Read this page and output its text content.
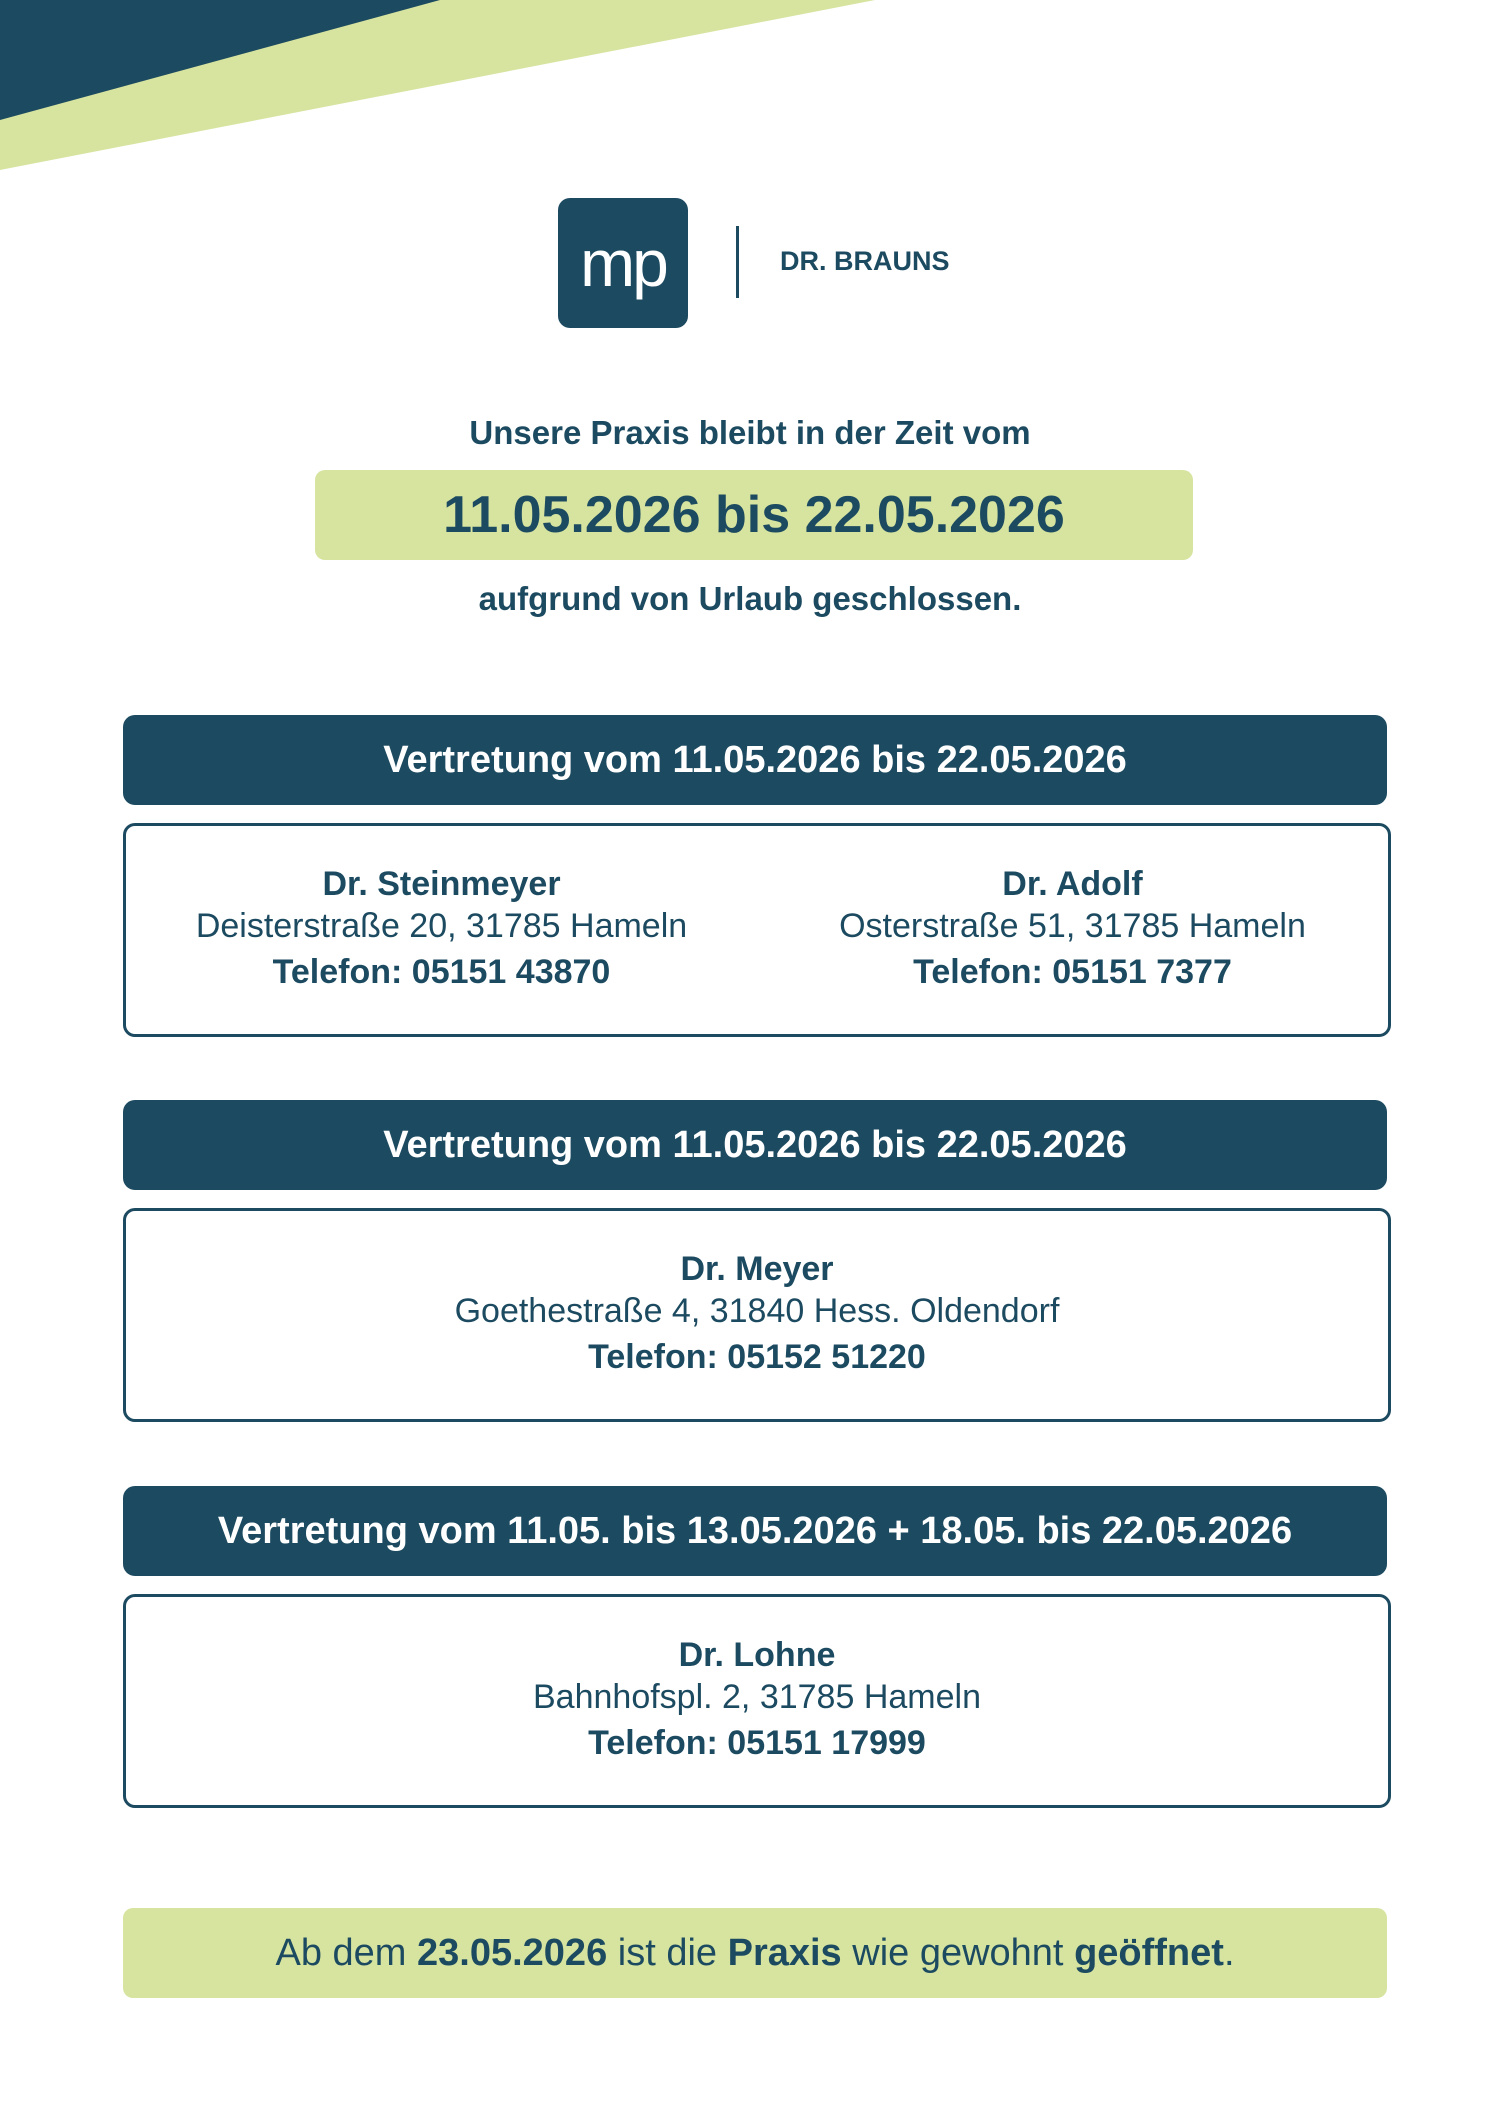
mp	DR. BRAUNS
Unsere Praxis bleibt in der Zeit vom
11.05.2026 bis 22.05.2026
aufgrund von Urlaub geschlossen.
Vertretung vom 11.05.2026 bis 22.05.2026
Dr. Steinmeyer
Deisterstraße 20, 31785 Hameln
Telefon: 05151 43870
Dr. Adolf
Osterstraße 51, 31785 Hameln
Telefon: 05151 7377
Vertretung vom 11.05.2026 bis 22.05.2026
Dr. Meyer
Goethestraße 4, 31840 Hess. Oldendorf
Telefon: 05152 51220
Vertretung vom 11.05. bis 13.05.2026 + 18.05. bis 22.05.2026
Dr. Lohne
Bahnhofspl. 2, 31785 Hameln
Telefon: 05151 17999
Ab dem 23.05.2026 ist die Praxis wie gewohnt geöffnet .
